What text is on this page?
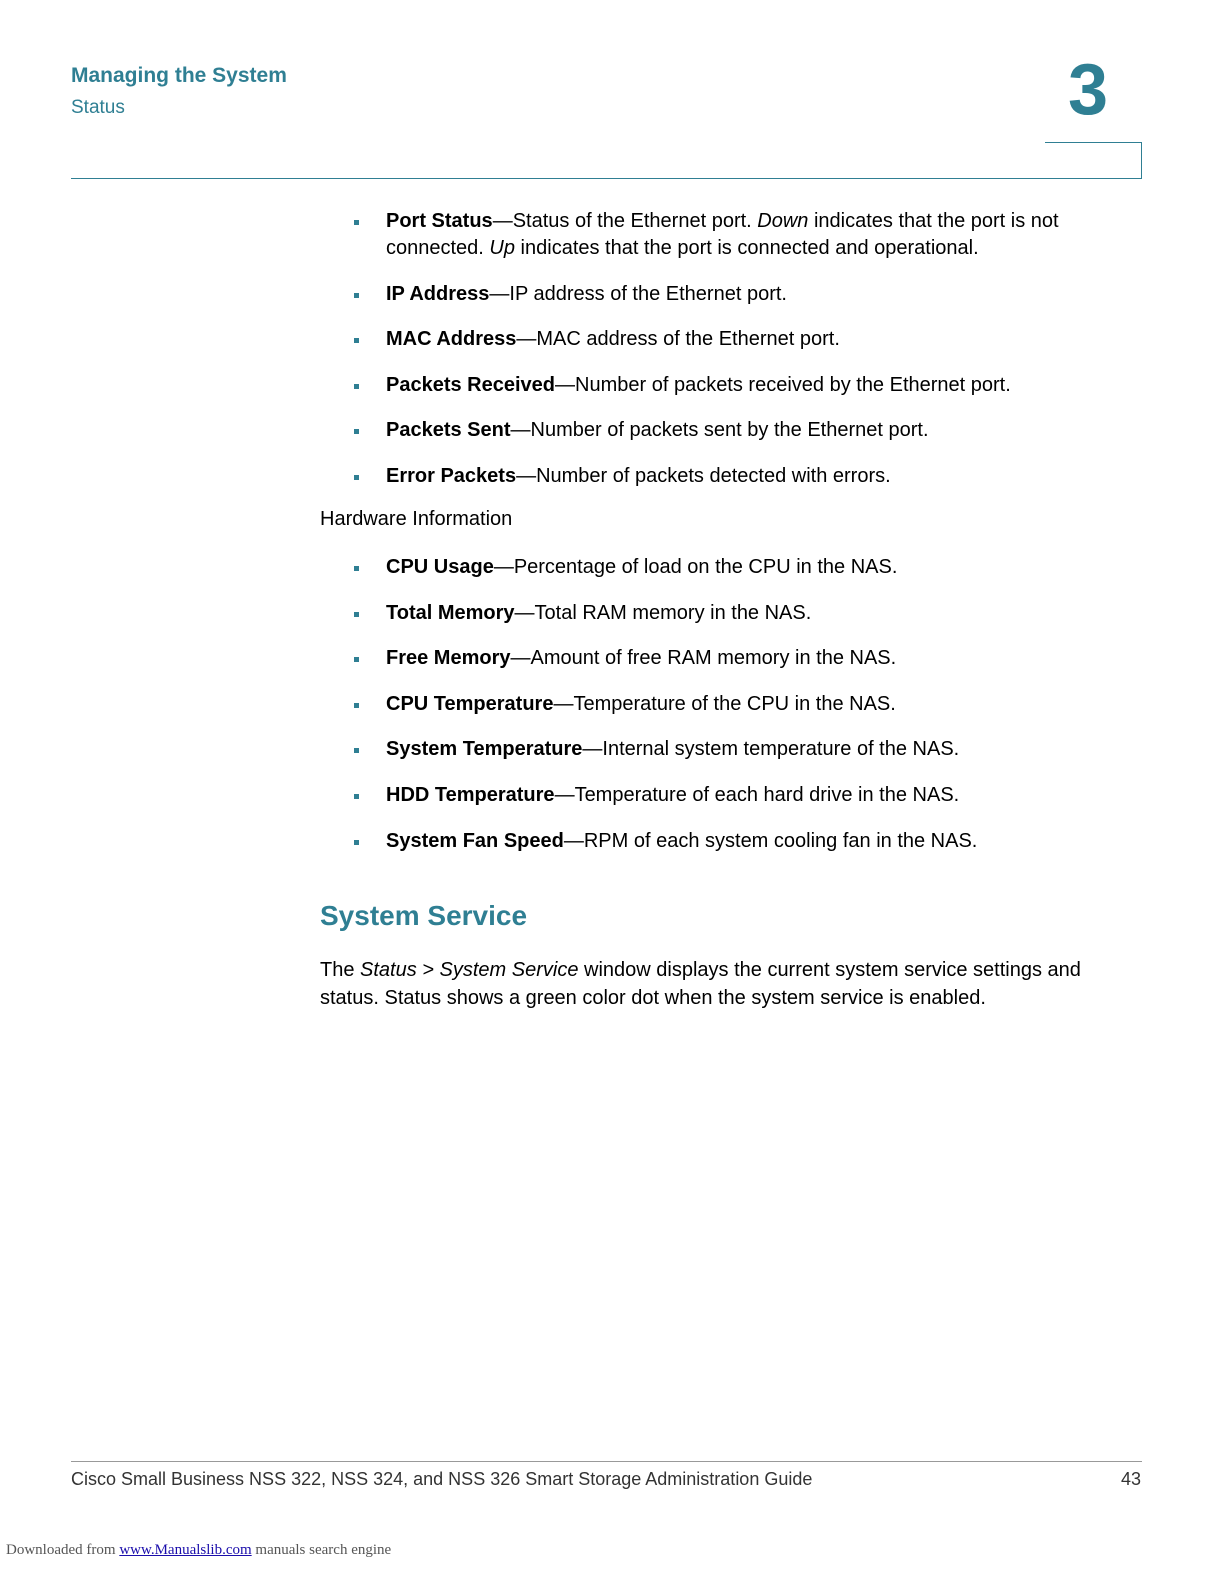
Managing the System
Status	3
Port Status—Status of the Ethernet port. Down indicates that the port is not connected. Up indicates that the port is connected and operational.
IP Address—IP address of the Ethernet port.
MAC Address—MAC address of the Ethernet port.
Packets Received—Number of packets received by the Ethernet port.
Packets Sent—Number of packets sent by the Ethernet port.
Error Packets—Number of packets detected with errors.
Hardware Information
CPU Usage—Percentage of load on the CPU in the NAS.
Total Memory—Total RAM memory in the NAS.
Free Memory—Amount of free RAM memory in the NAS.
CPU Temperature—Temperature of the CPU in the NAS.
System Temperature—Internal system temperature of the NAS.
HDD Temperature—Temperature of each hard drive in the NAS.
System Fan Speed—RPM of each system cooling fan in the NAS.
System Service
The Status > System Service window displays the current system service settings and status. Status shows a green color dot when the system service is enabled.
Cisco Small Business NSS 322, NSS 324, and NSS 326 Smart Storage Administration Guide	43
Downloaded from www.Manualslib.com manuals search engine
